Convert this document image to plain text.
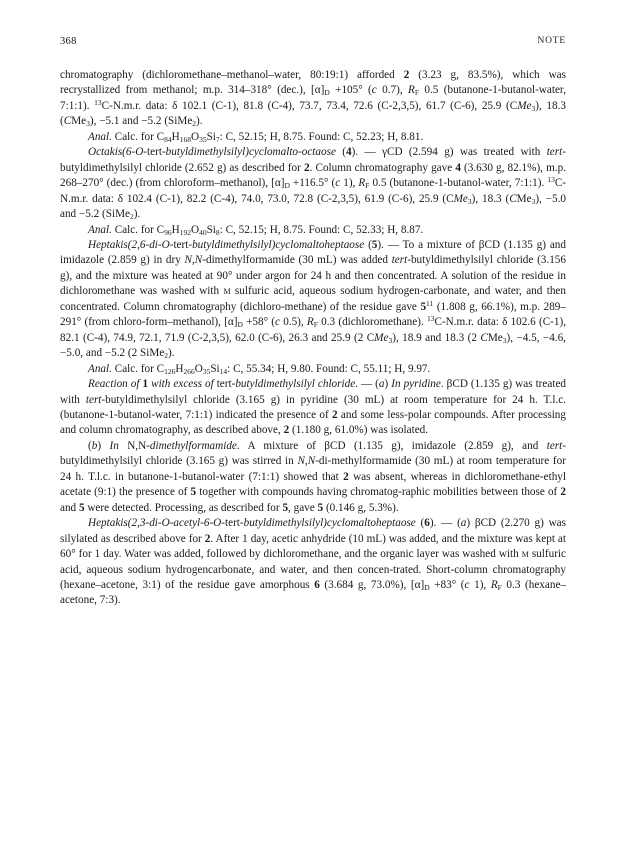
368	NOTE

chromatography (dichloromethane–methanol–water, 80:19:1) afforded 2 (3.23 g, 83.5%), which was recrystallized from methanol; m.p. 314–318° (dec.), $[\alpha]_D +105^\circ$ (c 0.7), $R_F$ 0.5 (butanone-1-butanol-water, 7:1:1). $^{13}$C-N.m.r. data: δ 102.1 (C-1), 81.8 (C-4), 73.7, 73.4, 72.6 (C-2,3,5), 61.7 (C-6), 25.9 (CMe$_3$), 18.3 (CMe$_3$), −5.1 and −5.2 (SiMe$_2$).

Anal. Calc. for $C_{84}H_{168}O_{35}Si_7$: C, 52.15; H, 8.75. Found: C, 52.23; H, 8.81.

Octakis(6-O-tert-butyldimethylsilyl)cyclomalto-octaose (4). — γCD (2.594 g) was treated with tert-butyldimethylsilyl chloride (2.652 g) as described for 2. Column chromatography gave 4 (3.630 g, 82.1%), m.p. 268–270° (dec.) (from chloroform–methanol), $[\alpha]_D +116.5^\circ$ (c 1), $R_F$ 0.5 (butanone-1-butanol-water, 7:1:1). $^{13}$C-N.m.r. data: δ 102.4 (C-1), 82.2 (C-4), 74.0, 73.0, 72.8 (C-2,3,5), 61.9 (C-6), 25.9 (CMe$_3$), 18.3 (CMe$_3$), −5.0 and −5.2 (SiMe$_2$).

Anal. Calc. for $C_{96}H_{192}O_{40}Si_8$: C, 52.15; H, 8.75. Found: C, 52.33; H, 8.87.

Heptakis(2,6-di-O-tert-butyldimethylsilyl)cyclomaltoheptaose (5). — To a mixture of βCD (1.135 g) and imidazole (2.859 g) in dry N,N-dimethylformamide (30 mL) was added tert-butyldimethylsilyl chloride (3.156 g), and the mixture was heated at 90° under argon for 24 h and then concentrated. A solution of the residue in dichloromethane was washed with m sulfuric acid, aqueous sodium hydrogen-carbonate, and water, and then concentrated. Column chromatography (dichloro-methane) of the residue gave $5^{11}$ (1.808 g, 66.1%), m.p. 289–291° (from chloro-form–methanol), $[\alpha]_D +58^\circ$ (c 0.5), $R_F$ 0.3 (dichloromethane). $^{13}$C-N.m.r. data: δ 102.6 (C-1), 82.1 (C-4), 74.9, 72.1, 71.9 (C-2,3,5), 62.0 (C-6), 26.3 and 25.9 (2 CMe$_3$), 18.9 and 18.3 (2 CMe$_3$), −4.5, −4.6, −5.0, and −5.2 (2 SiMe$_2$).

Anal. Calc. for $C_{126}H_{266}O_{35}Si_{14}$: C, 55.34; H, 9.80. Found: C, 55.11; H, 9.97.

Reaction of 1 with excess of tert-butyldimethylsilyl chloride. — (a) In pyridine. βCD (1.135 g) was treated with tert-butyldimethylsilyl chloride (3.165 g) in pyridine (30 mL) at room temperature for 24 h. T.l.c. (butanone-1-butanol-water, 7:1:1) indicated the presence of 2 and some less-polar compounds. After processing and column chromatography, as described above, 2 (1.180 g, 61.0%) was isolated.

(b) In N,N-dimethylformamide. A mixture of βCD (1.135 g), imidazole (2.859 g), and tert-butyldimethylsilyl chloride (3.165 g) was stirred in N,N-di-methylformamide (30 mL) at room temperature for 24 h. T.l.c. in butanone-1-butanol-water (7:1:1) showed that 2 was absent, whereas in dichloromethane-ethyl acetate (9:1) the presence of 5 together with compounds having chromatog-raphic mobilities between those of 2 and 5 were detected. Processing, as described for 5, gave 5 (0.146 g, 5.3%).

Heptakis(2,3-di-O-acetyl-6-O-tert-butyldimethylsilyl)cyclomaltoheptaose (6). — (a) βCD (2.270 g) was silylated as described above for 2. After 1 day, acetic anhydride (10 mL) was added, and the mixture was kept at 60° for 1 day. Water was added, followed by dichloromethane, and the organic layer was washed with m sulfuric acid, aqueous sodium hydrogencarbonate, and water, and then concen-trated. Short-column chromatography (hexane–acetone, 3:1) of the residue gave amorphous 6 (3.684 g, 73.0%), $[\alpha]_D +83^\circ$ (c 1), $R_F$ 0.3 (hexane–acetone, 7:3).
